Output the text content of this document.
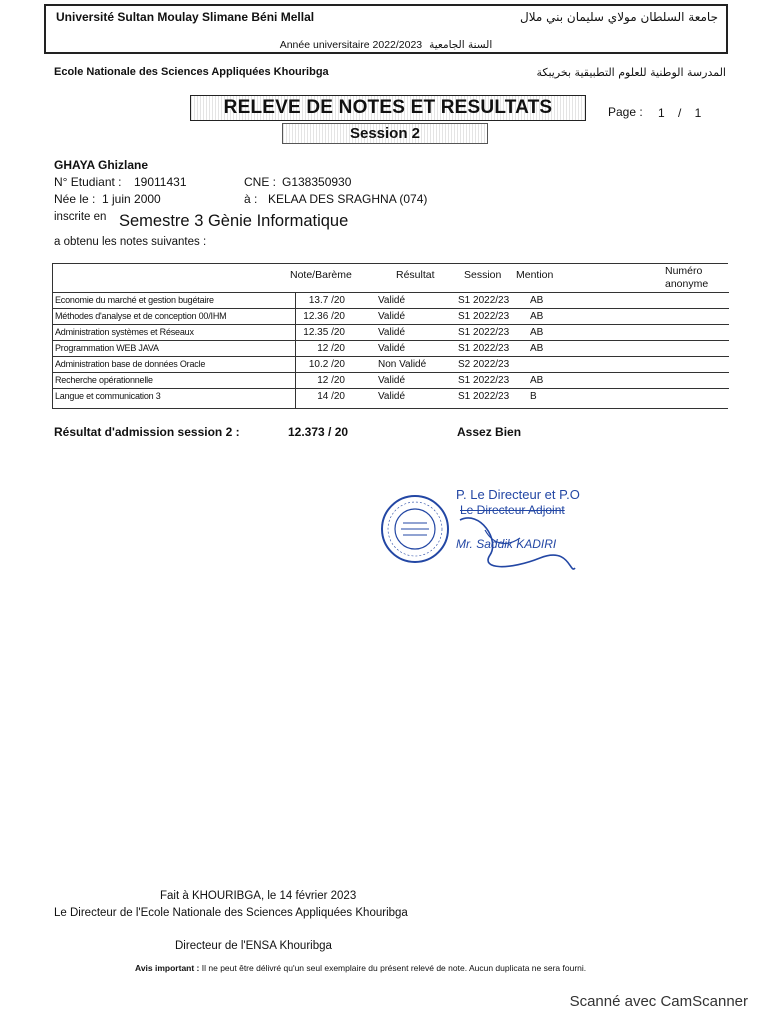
Université Sultan Moulay Slimane Béni Mellal	جامعة السلطان مولاي سليمان بني ملال
Année universitaire 2022/2023 السنة الجامعية
Ecole Nationale des Sciences Appliquées Khouribga	المدرسة الوطنية للعلوم التطبيقية بخريبكة
RELEVE DE NOTES ET RESULTATS
Session 2
Page : 1 / 1
GHAYA Ghizlane
N° Etudiant : 19011431	CNE : G138350930
Née le : 1 juin 2000	à : KELAA DES SRAGHNA (074)
inscrite en Semestre 3 Gènie Informatique
a obtenu les notes suivantes :
Note/Barème	Résultat	Session Mention	Numéro
anonyme
Economie du marché et gestion bugétaire	13.7 /20	Validé	S1 2022/23 AB
Méthodes d'analyse et de conception 00/IHM	12.36 /20	Validé	S1 2022/23 AB
Administration systèmes et Réseaux	12.35 /20	Validé	S1 2022/23 AB
Programmation WEB JAVA	12 /20	Validé	S1 2022/23 AB
Administration base de données Oracle	10.2 /20	Non Validé	S2 2022/23
Recherche opérationnelle	12 /20	Validé	S1 2022/23 AB
Langue et communication 3	14 /20	Validé	S1 2022/23 B
Résultat d'admission session 2 :	12.373 / 20	Assez Bien
P. Le Directeur et P.O
Le Directeur Adjoint
Mr. Saddik KADIRI
Fait à KHOURIBGA, le 14 février 2023
Le Directeur de l'Ecole Nationale des Sciences Appliquées Khouribga
Directeur de l'ENSA Khouribga
Avis important : Il ne peut être délivré qu'un seul exemplaire du présent relevé de note. Aucun duplicata ne sera fourni.
Scanné avec CamScanner
